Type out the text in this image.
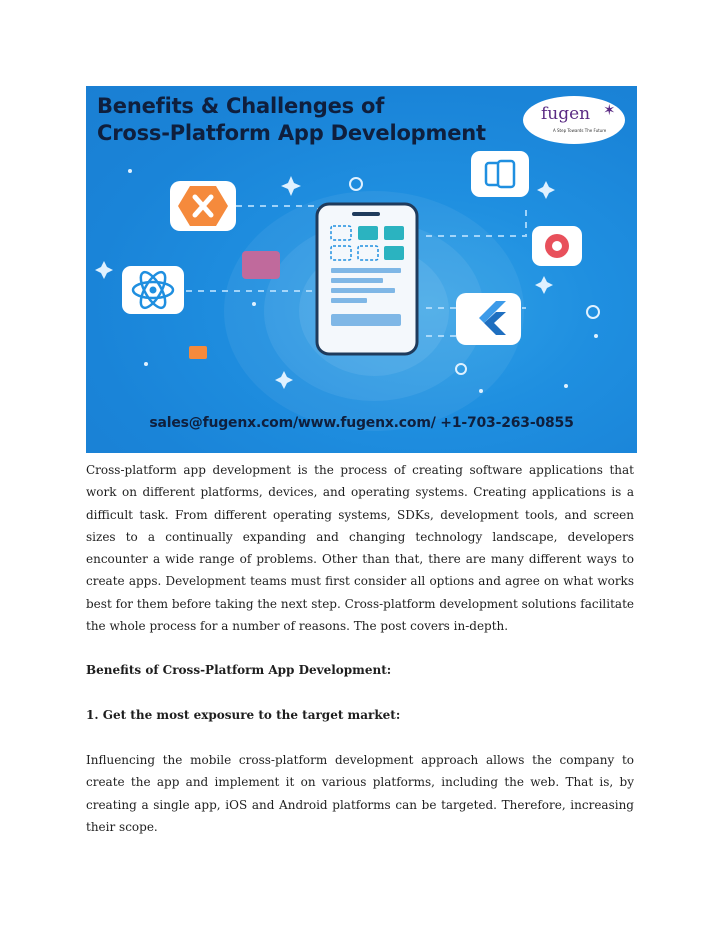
Benefits & Challenges of
Cross-Platform App Development
fugen ✶
A Step Towards The Future
sales@fugenx.com/www.fugenx.com/ +1-703-263-0855

Cross-platform app development is the process of creating software applications that work on different platforms, devices, and operating systems. Creating applications is a difficult task. From different operating systems, SDKs, development tools, and screen sizes to a continually expanding and changing technology landscape, developers encounter a wide range of problems. Other than that, there are many different ways to create apps. Development teams must first consider all options and agree on what works best for them before taking the next step. Cross-platform development solutions facilitate the whole process for a number of reasons. The post covers in-depth.

Benefits of Cross-Platform App Development:

1. Get the most exposure to the target market:

Influencing the mobile cross-platform development approach allows the company to create the app and implement it on various platforms, including the web. That is, by creating a single app, iOS and Android platforms can be targeted. Therefore, increasing their scope.
